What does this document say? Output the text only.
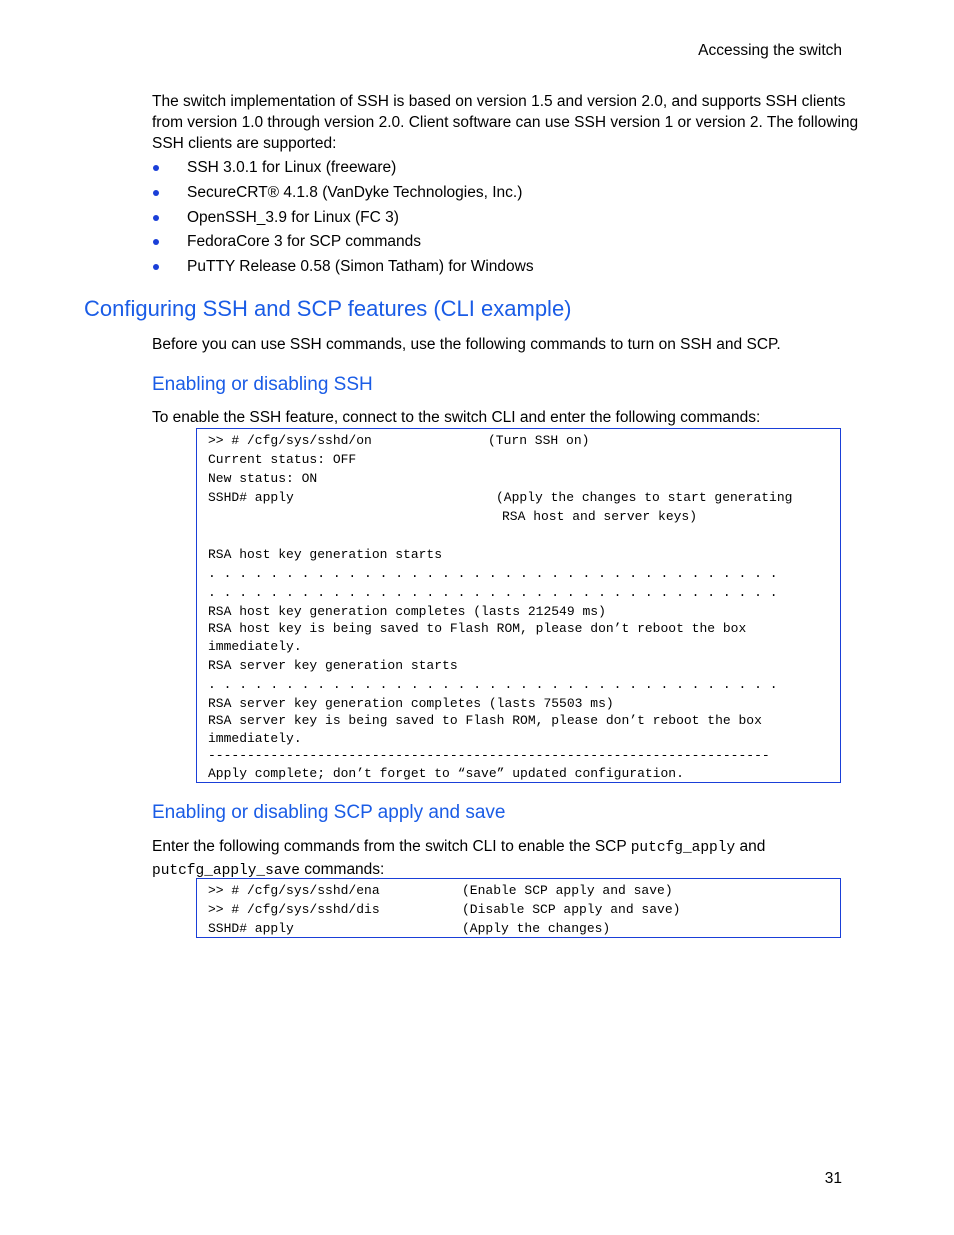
Accessing the switch

The switch implementation of SSH is based on version 1.5 and version 2.0, and supports SSH clients from version 1.0 through version 2.0. Client software can use SSH version 1 or version 2. The following SSH clients are supported:

SSH 3.0.1 for Linux (freeware)
SecureCRT® 4.1.8 (VanDyke Technologies, Inc.)
OpenSSH_3.9 for Linux (FC 3)
FedoraCore 3 for SCP commands
PuTTY Release 0.58 (Simon Tatham) for Windows
Configuring SSH and SCP features (CLI example)

Before you can use SSH commands, use the following commands to turn on SSH and SCP.

Enabling or disabling SSH

To enable the SSH feature, connect to the switch CLI and enter the following commands:

>> # /cfg/sys/sshd/on	(Turn SSH on)
Current status: OFF
New status: ON
SSHD# apply	(Apply the changes to start generating
RSA host and server keys)
RSA host key generation starts
. . . . . . . . . . . . . . . . . . . . . . . . . . . . . . . . . . . . .
. . . . . . . . . . . . . . . . . . . . . . . . . . . . . . . . . . . . .
RSA host key generation completes (lasts 212549 ms)
RSA host key is being saved to Flash ROM, please don’t reboot the box
immediately.
RSA server key generation starts
. . . . . . . . . . . . . . . . . . . . . . . . . . . . . . . . . . . . .
RSA server key generation completes (lasts 75503 ms)
RSA server key is being saved to Flash ROM, please don’t reboot the box
immediately.
------------------------------------------------------------------------
Apply complete; don’t forget to “save” updated configuration.
Enabling or disabling SCP apply and save

Enter the following commands from the switch CLI to enable the SCP putcfg_apply and
putcfg_apply_save commands:

>> # /cfg/sys/sshd/ena	(Enable SCP apply and save)
>> # /cfg/sys/sshd/dis	(Disable SCP apply and save)
SSHD# apply	(Apply the changes)
31
